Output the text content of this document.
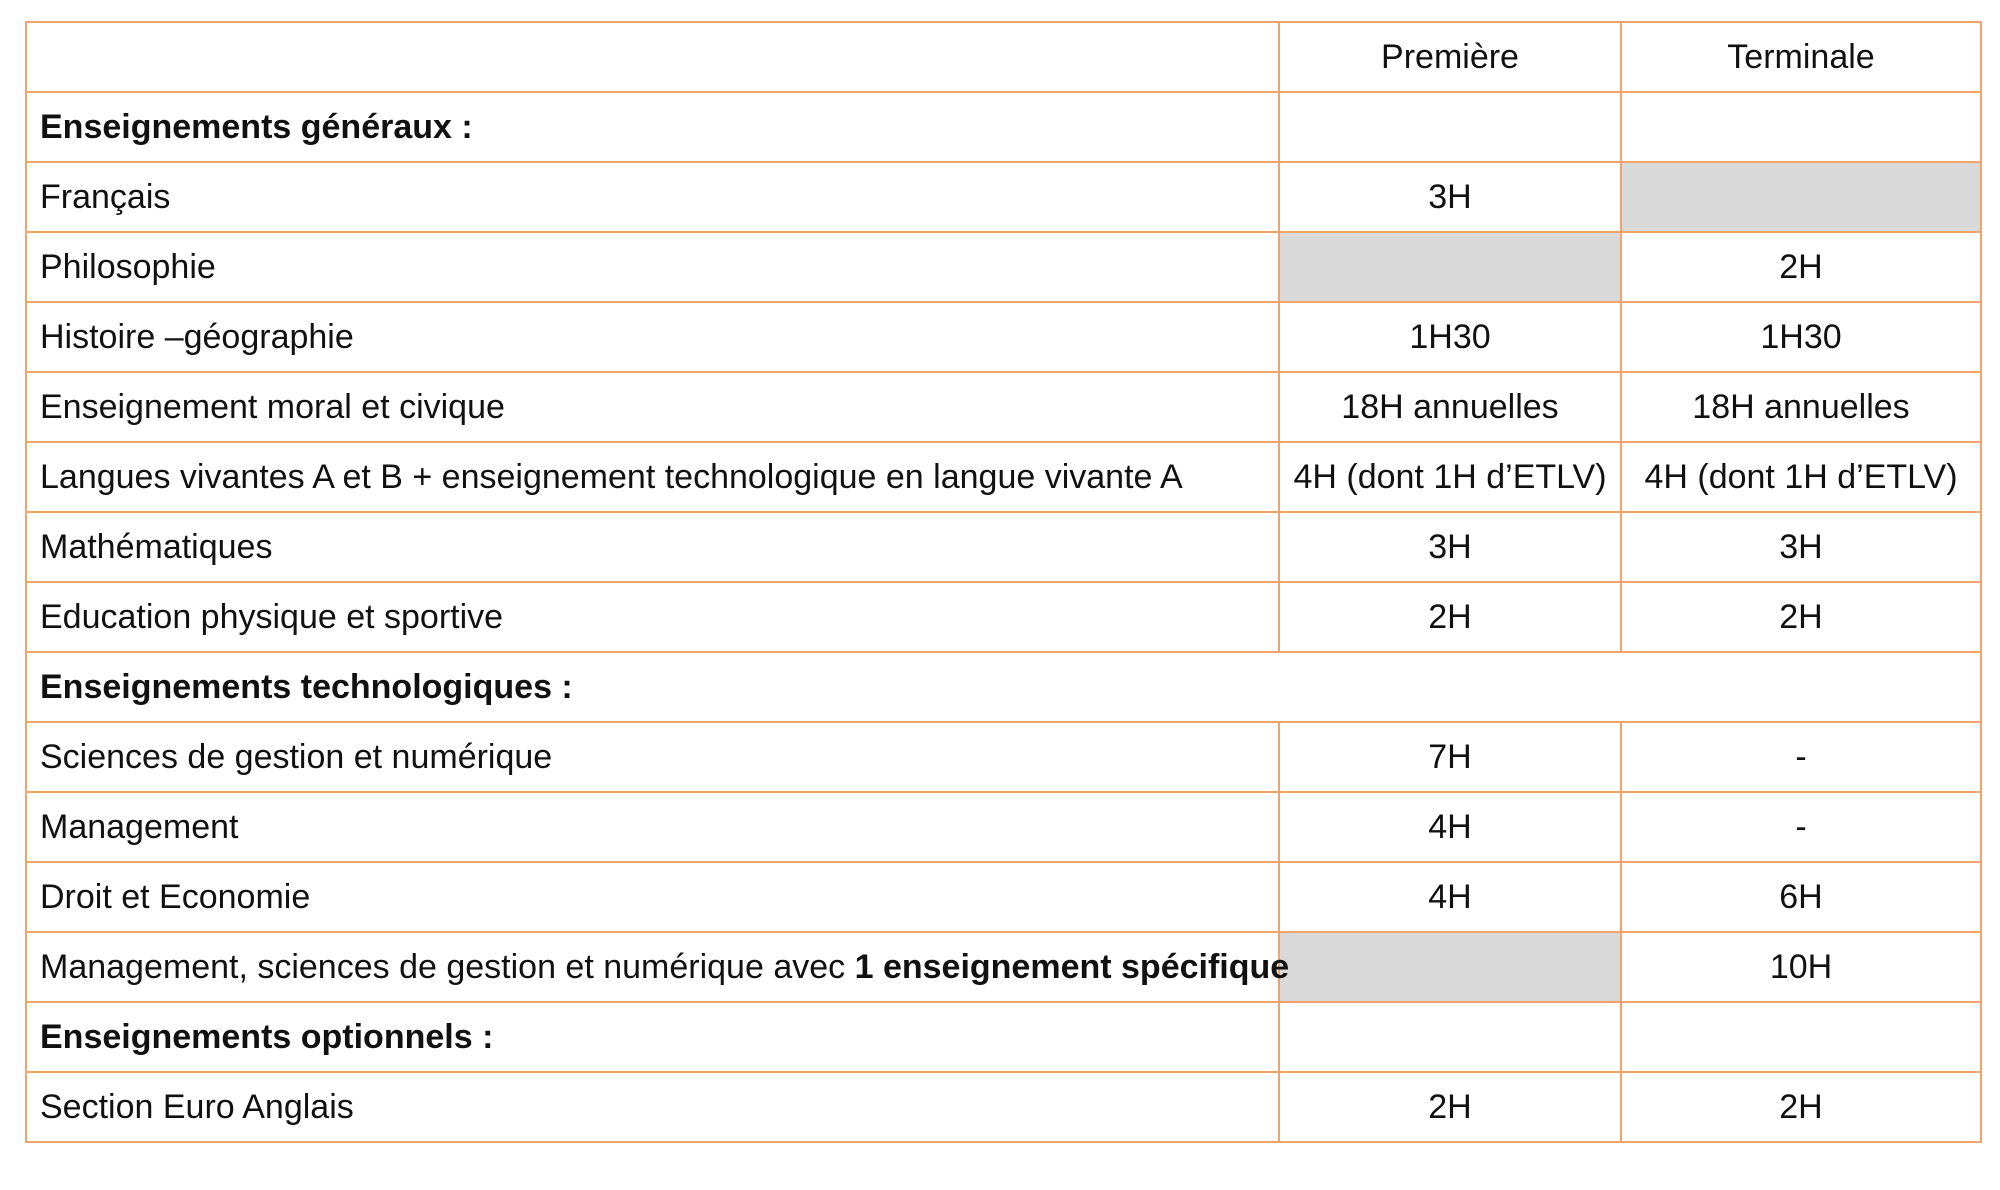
	Première	Terminale
Enseignements généraux :		
Français	3H	
Philosophie		2H
Histoire –géographie	1H30	1H30
Enseignement moral et civique	18H annuelles	18H annuelles
Langues vivantes A et B + enseignement technologique en langue vivante A	4H (dont 1H d’ETLV)	4H (dont 1H d’ETLV)
Mathématiques	3H	3H
Education physique et sportive	2H	2H
Enseignements technologiques :		
Sciences de gestion et numérique	7H	-
Management	4H	-
Droit et Economie	4H	6H
Management, sciences de gestion et numérique avec 1 enseignement spécifique		10H
Enseignements optionnels :		
Section Euro Anglais	2H	2H
